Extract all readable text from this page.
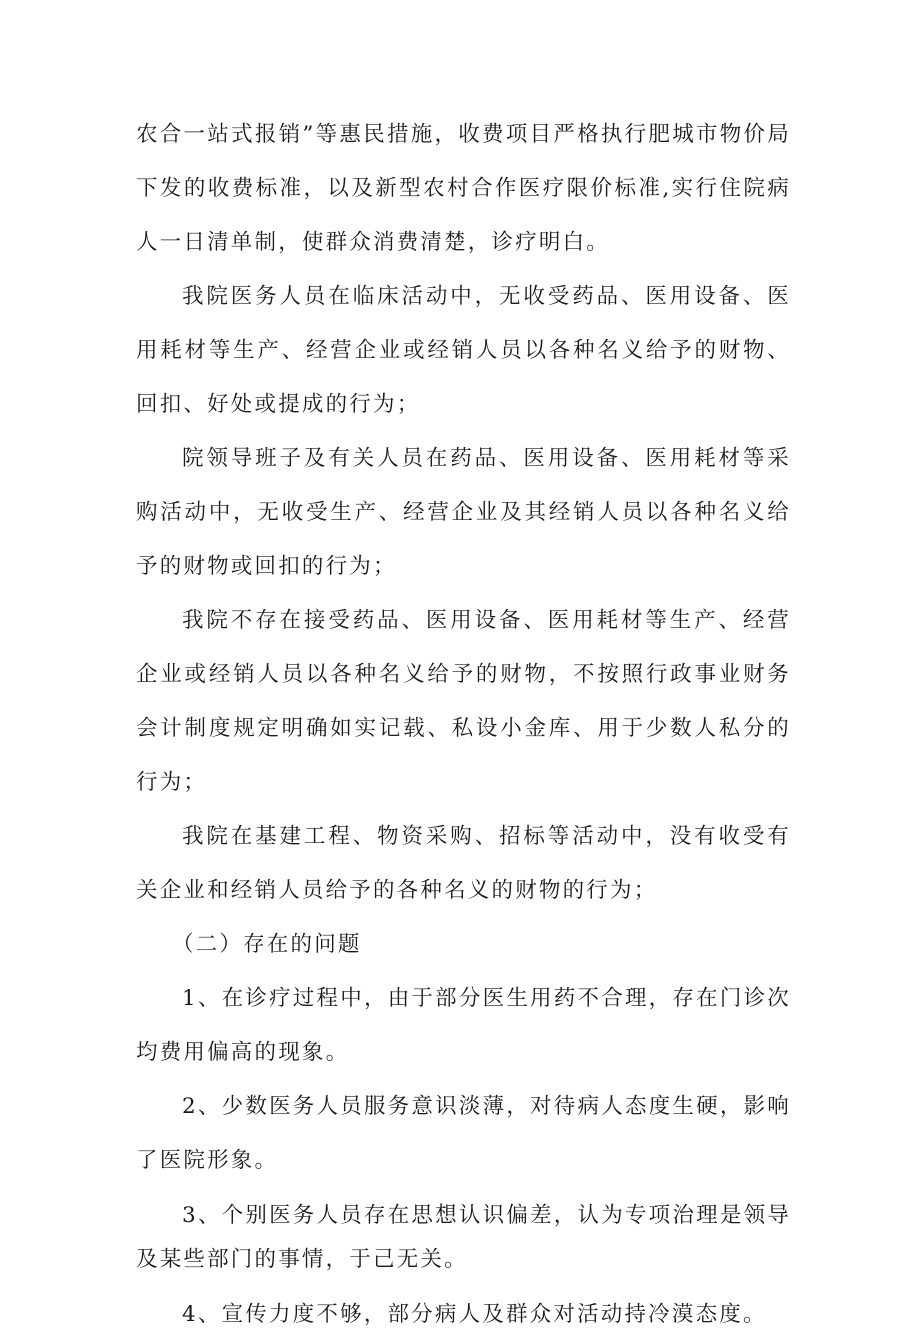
农合一站式报销”等惠民措施，收费项目严格执行肥城市物价局下发的收费标准，以及新型农村合作医疗限价标准,实行住院病人一日清单制，使群众消费清楚，诊疗明白。

我院医务人员在临床活动中，无收受药品、医用设备、医用耗材等生产、经营企业或经销人员以各种名义给予的财物、回扣、好处或提成的行为；

院领导班子及有关人员在药品、医用设备、医用耗材等采购活动中，无收受生产、经营企业及其经销人员以各种名义给予的财物或回扣的行为；

我院不存在接受药品、医用设备、医用耗材等生产、经营企业或经销人员以各种名义给予的财物，不按照行政事业财务会计制度规定明确如实记载、私设小金库、用于少数人私分的行为；

我院在基建工程、物资采购、招标等活动中，没有收受有关企业和经销人员给予的各种名义的财物的行为；

（二）存在的问题

1、在诊疗过程中，由于部分医生用药不合理，存在门诊次均费用偏高的现象。

2、少数医务人员服务意识淡薄，对待病人态度生硬，影响了医院形象。

3、个别医务人员存在思想认识偏差，认为专项治理是领导及某些部门的事情，于己无关。

4、宣传力度不够，部分病人及群众对活动持冷漠态度。
